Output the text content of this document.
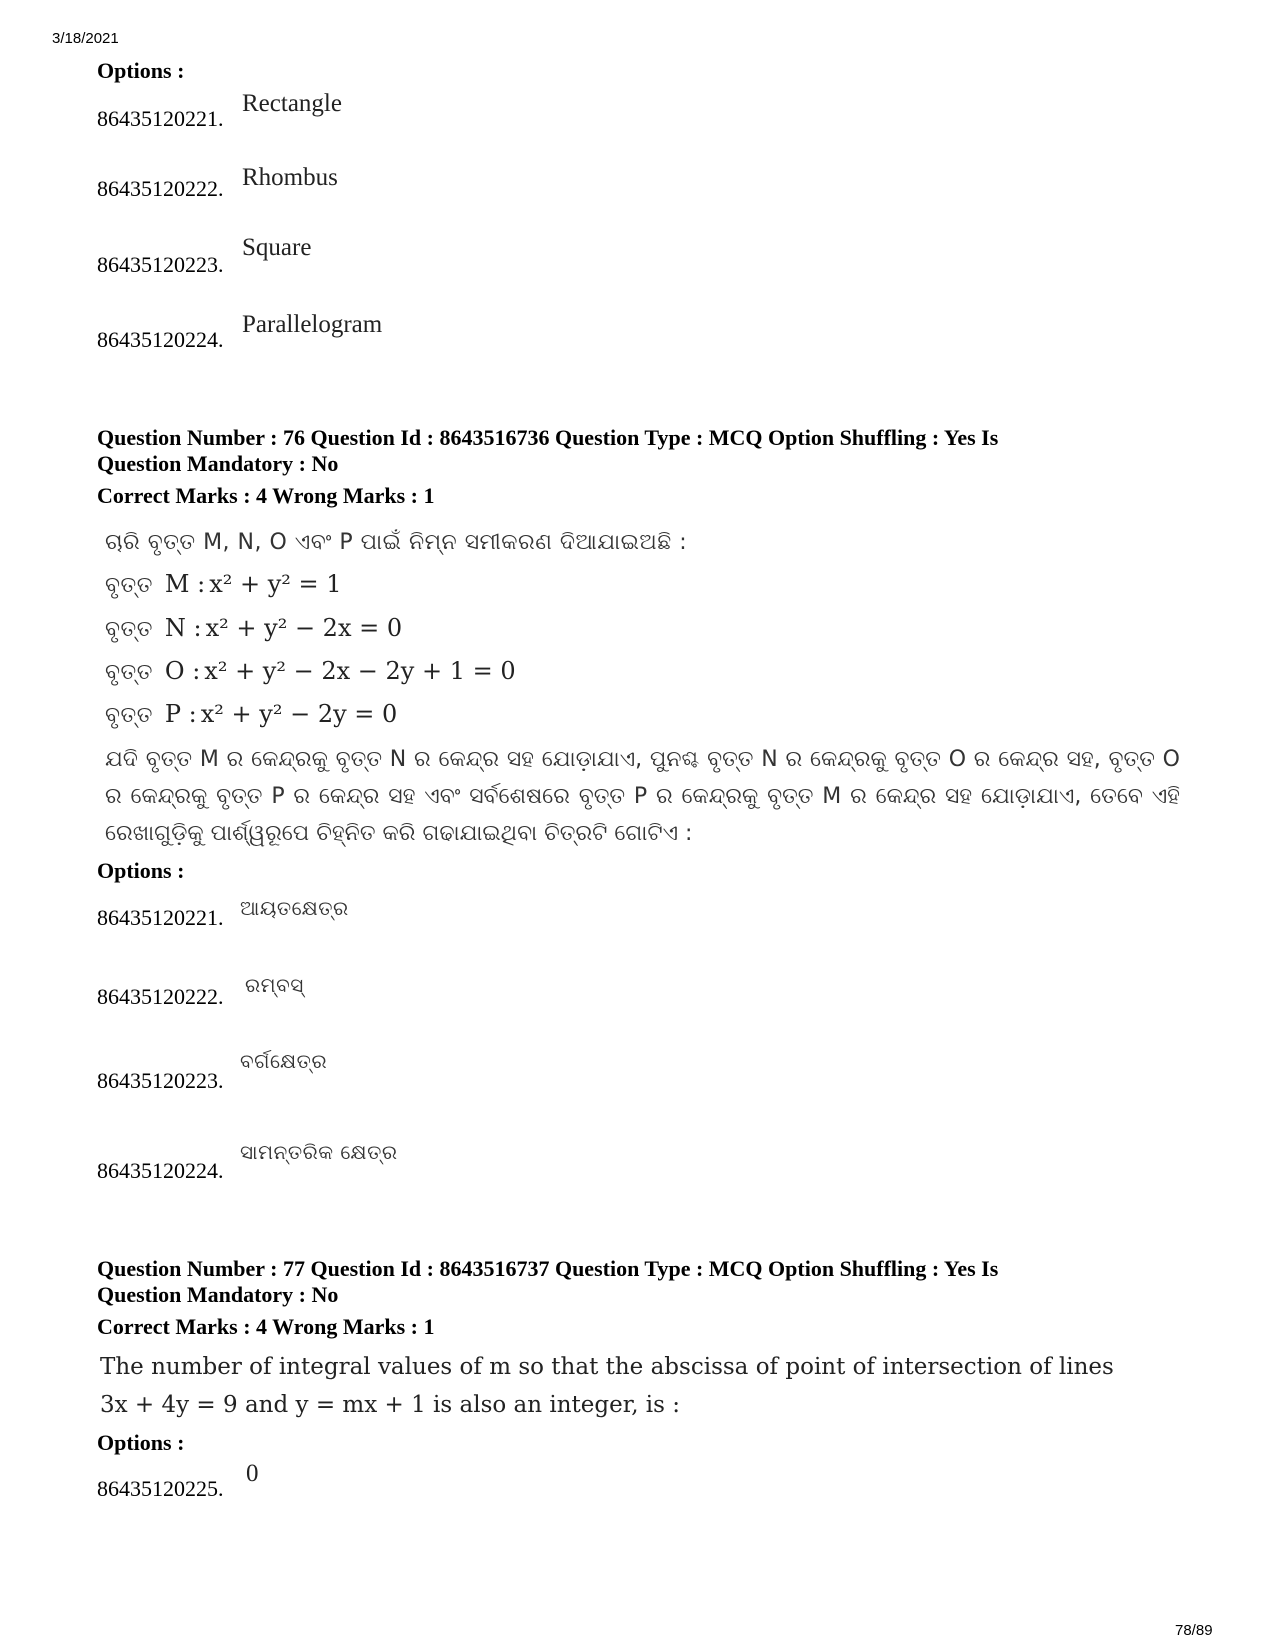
3/18/2021
78/89
Options :
86435120221.
Rectangle
86435120222. Rhombus
86435120223.
Square
86435120224.
Parallelogram
Question Number : 76 Question Id : 8643516736 Question Type : MCQ Option Shuffling : Yes Is
Question Mandatory : No
Correct Marks : 4 Wrong Marks : 1
ଚାରି ବୃତ୍ତ M, N, O ଏବଂ P ପାଇଁ ନିମ୍ନ ସମୀକରଣ ଦିଆଯାଇଅଛି :
ବୃତ୍ତ M : x² + y² = 1
ବୃତ୍ତ N : x² + y² − 2x = 0
ବୃତ୍ତ O : x² + y² − 2x − 2y + 1 = 0
ବୃତ୍ତ P : x² + y² − 2y = 0
ଯଦି ବୃତ୍ତ M ର କେନ୍ଦ୍ରକୁ ବୃତ୍ତ N ର କେନ୍ଦ୍ର ସହ ଯୋଡ଼ାଯାଏ, ପୁନଶ୍ଚ ବୃତ୍ତ N ର କେନ୍ଦ୍ରକୁ ବୃତ୍ତ O ର କେନ୍ଦ୍ର ସହ, ବୃତ୍ତ O ର କେନ୍ଦ୍ରକୁ ବୃତ୍ତ P ର କେନ୍ଦ୍ର ସହ ଏବଂ ସର୍ବଶେଷରେ ବୃତ୍ତ P ର କେନ୍ଦ୍ରକୁ ବୃତ୍ତ M ର କେନ୍ଦ୍ର ସହ ଯୋଡ଼ାଯାଏ, ତେବେ ଏହି ରେଖାଗୁଡ଼ିକୁ ପାର୍ଶ୍ୱରୂପେ ଚିହ୍ନିତ କରି ଗଢାଯାଇଥିବା ଚିତ୍ରଟି ଗୋଟିଏ :
Options :
86435120221. ଆୟତକ୍ଷେତ୍ର
86435120222. ରମ୍ବସ୍
86435120223.
ବର୍ଗକ୍ଷେତ୍ର
86435120224.
ସାମନ୍ତରିକ କ୍ଷେତ୍ର
Question Number : 77 Question Id : 8643516737 Question Type : MCQ Option Shuffling : Yes Is
Question Mandatory : No
Correct Marks : 4 Wrong Marks : 1
The number of integral values of m so that the abscissa of point of intersection of lines
3x + 4y = 9 and y = mx + 1 is also an integer, is :
Options :
86435120225.
0
